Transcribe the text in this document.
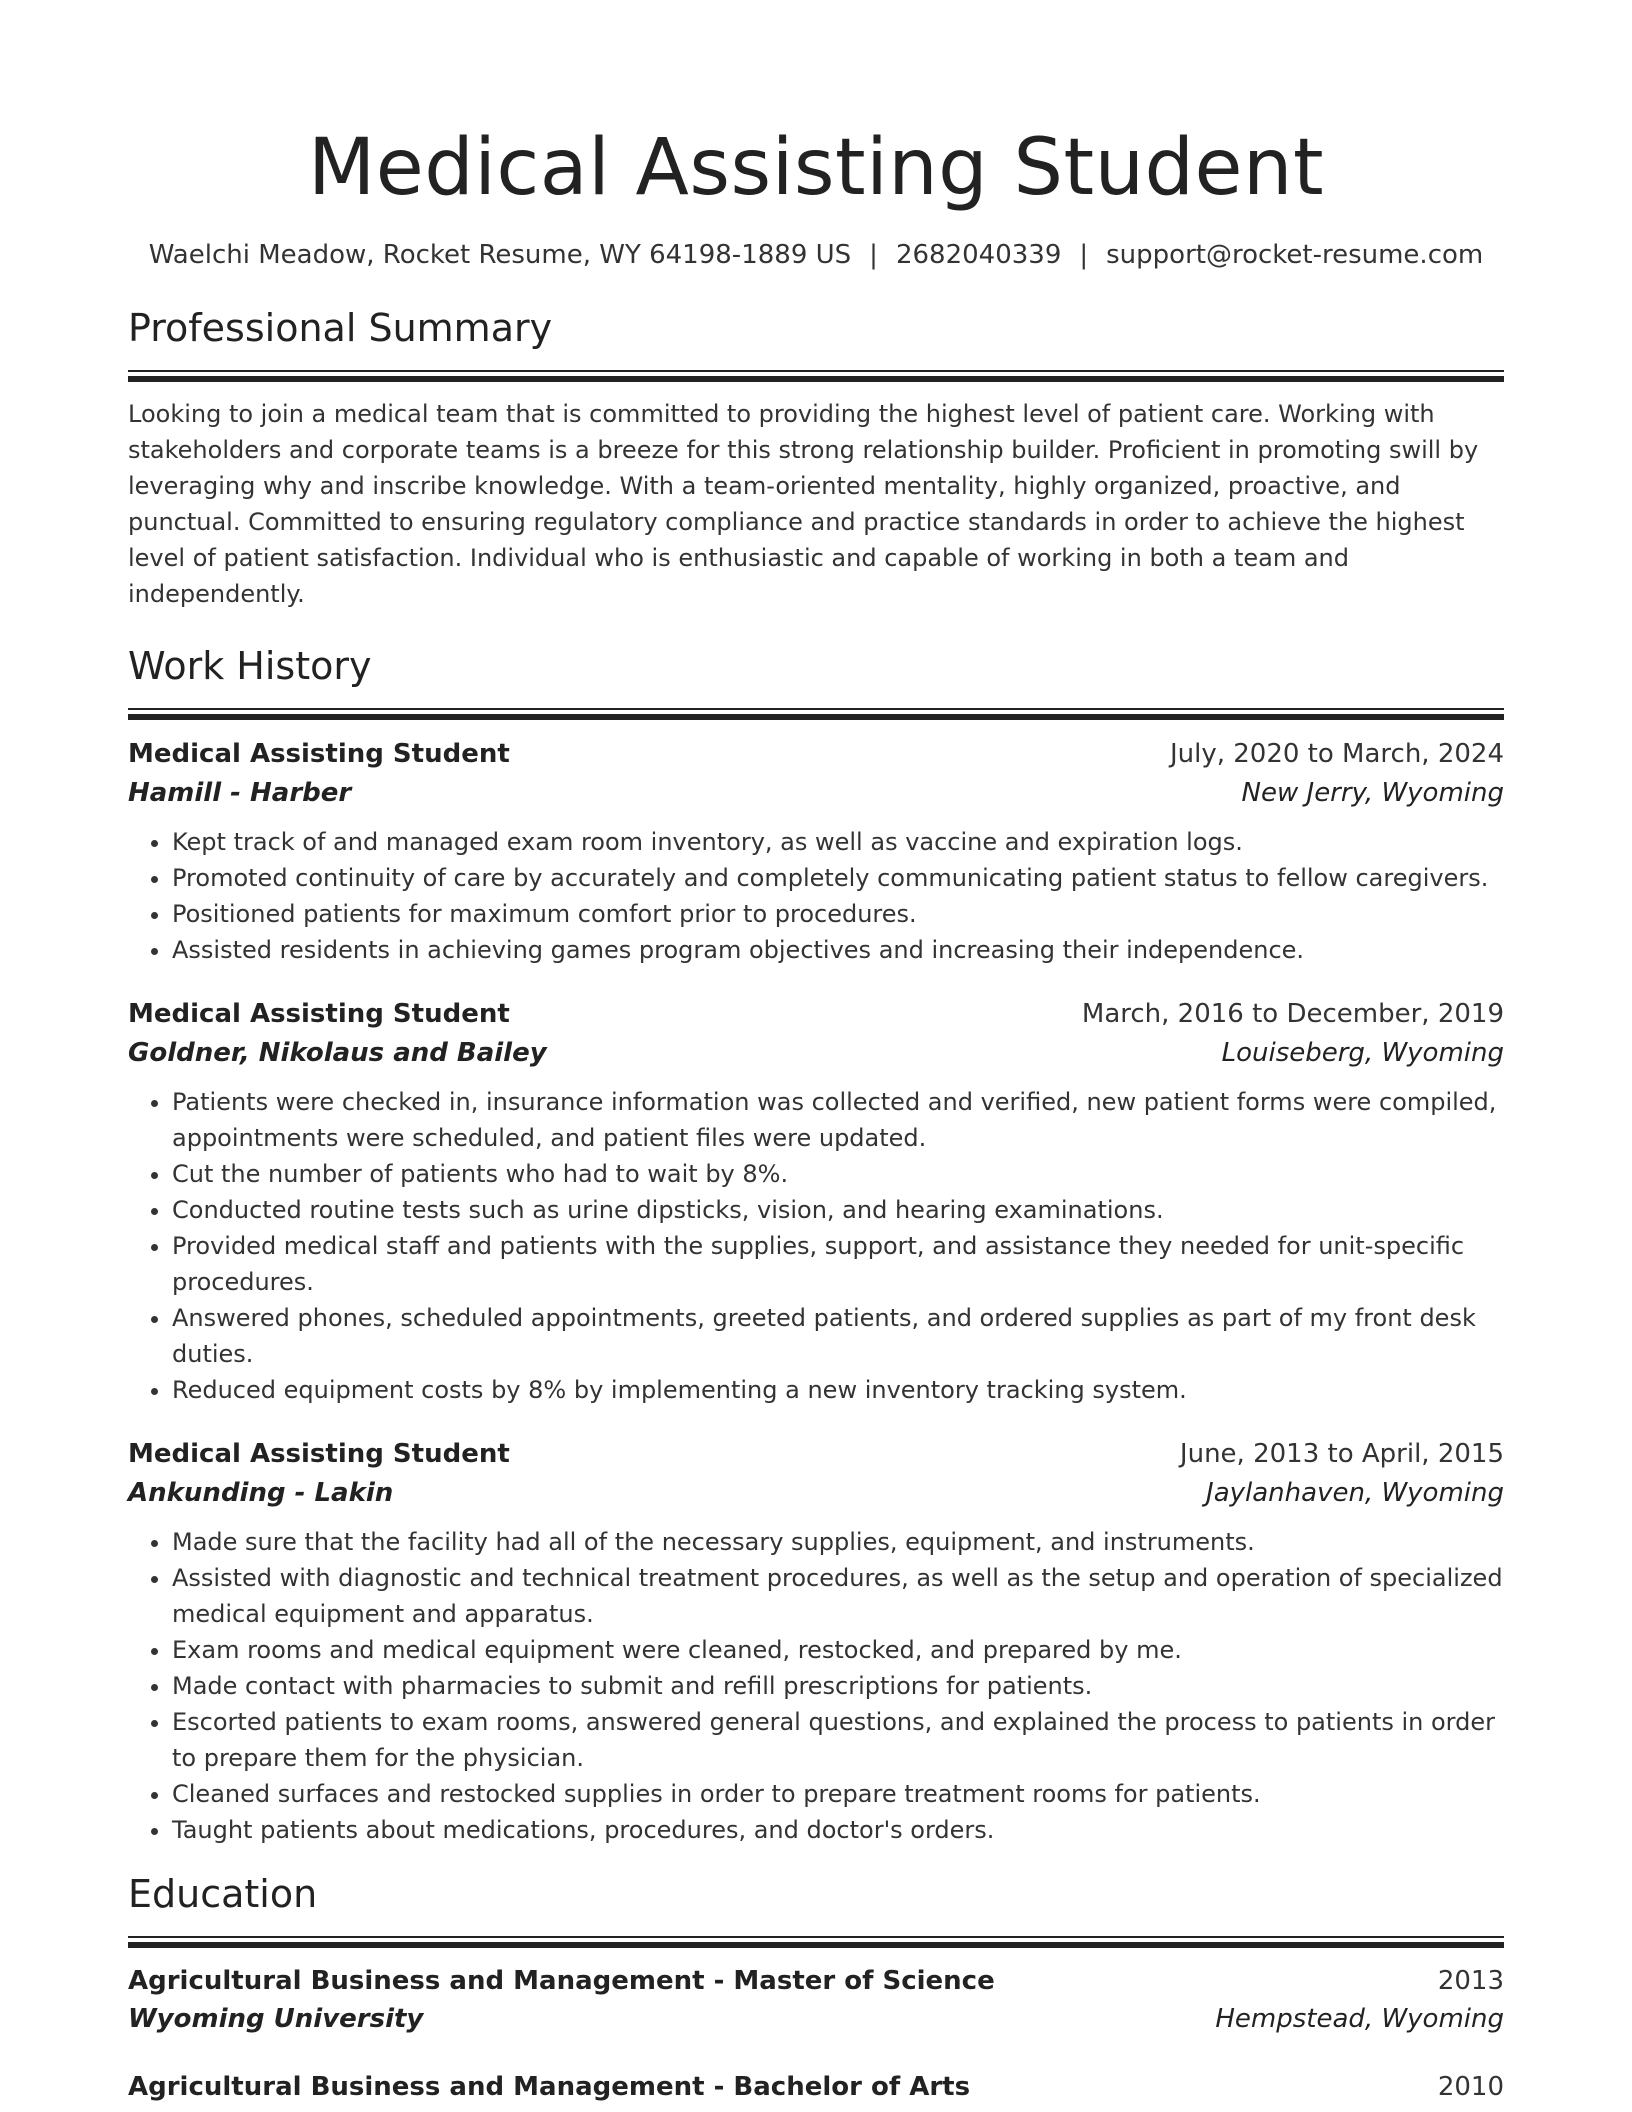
Medical Assisting Student
Waelchi Meadow, Rocket Resume, WY 64198-1889 US | 2682040339 | support@rocket-resume.com
Professional Summary

Looking to join a medical team that is committed to providing the highest level of patient care. Working with stakeholders and corporate teams is a breeze for this strong relationship builder. Proficient in promoting swill by leveraging why and inscribe knowledge. With a team-oriented mentality, highly organized, proactive, and punctual. Committed to ensuring regulatory compliance and practice standards in order to achieve the highest level of patient satisfaction. Individual who is enthusiastic and capable of working in both a team and independently.

Work History
Medical Assisting Student	July, 2020 to March, 2024
Hamill - Harber	New Jerry, Wyoming
• Kept track of and managed exam room inventory, as well as vaccine and expiration logs.
• Promoted continuity of care by accurately and completely communicating patient status to fellow caregivers.
• Positioned patients for maximum comfort prior to procedures.
• Assisted residents in achieving games program objectives and increasing their independence.
Medical Assisting Student	March, 2016 to December, 2019
Goldner, Nikolaus and Bailey	Louiseberg, Wyoming
• Patients were checked in, insurance information was collected and verified, new patient forms were compiled, appointments were scheduled, and patient files were updated.
• Cut the number of patients who had to wait by 8%.
• Conducted routine tests such as urine dipsticks, vision, and hearing examinations.
• Provided medical staff and patients with the supplies, support, and assistance they needed for unit-specific procedures.
• Answered phones, scheduled appointments, greeted patients, and ordered supplies as part of my front desk duties.
• Reduced equipment costs by 8% by implementing a new inventory tracking system.
Medical Assisting Student	June, 2013 to April, 2015
Ankunding - Lakin	Jaylanhaven, Wyoming
• Made sure that the facility had all of the necessary supplies, equipment, and instruments.
• Assisted with diagnostic and technical treatment procedures, as well as the setup and operation of specialized medical equipment and apparatus.
• Exam rooms and medical equipment were cleaned, restocked, and prepared by me.
• Made contact with pharmacies to submit and refill prescriptions for patients.
• Escorted patients to exam rooms, answered general questions, and explained the process to patients in order to prepare them for the physician.
• Cleaned surfaces and restocked supplies in order to prepare treatment rooms for patients.
• Taught patients about medications, procedures, and doctor's orders.
Education
Agricultural Business and Management - Master of Science	2013
Wyoming University	Hempstead, Wyoming
Agricultural Business and Management - Bachelor of Arts	2010
